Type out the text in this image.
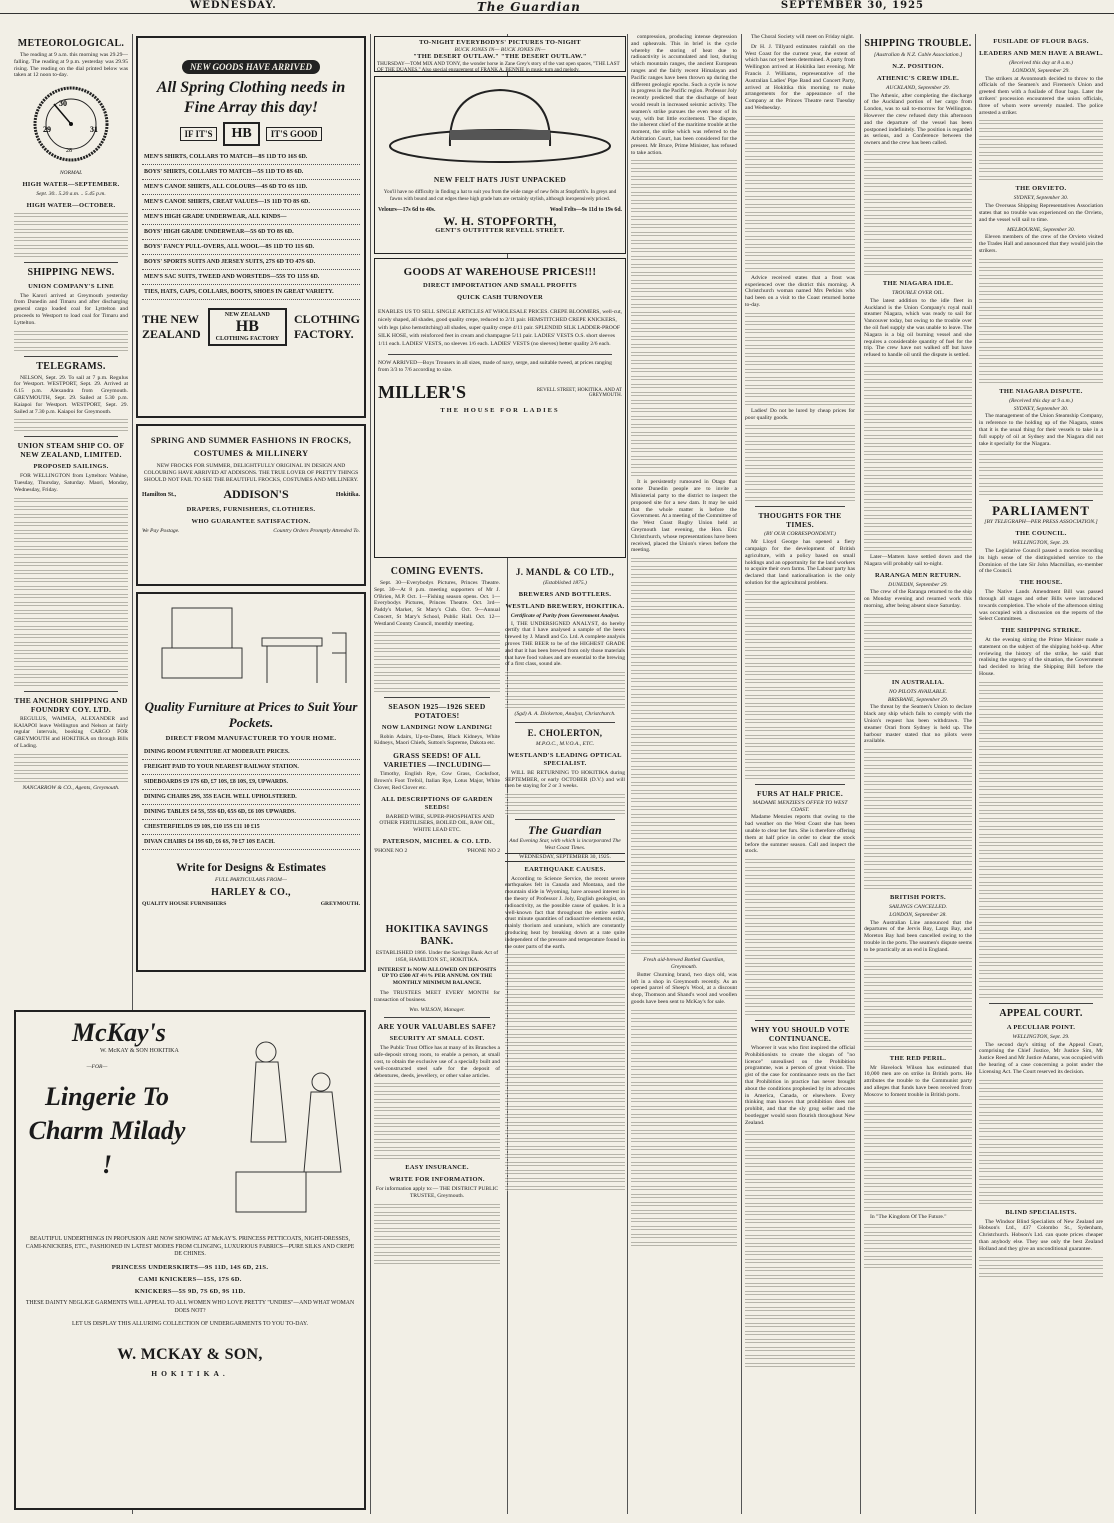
WEDNESDAY.	The Guardian	SEPTEMBER 30, 1925
METEOROLOGICAL.

The reading at 9 a.m. this morning was 29.29—falling. The reading at 9 p.m. yesterday was 29.95 rising. The reading on the dial printed below was taken at 12 noon to-day.

30
29	31
28
NORMAL
HIGH WATER—SEPTEMBER.
Sept. 30.. 5.20 a.m. .. 5.45 p.m.
HIGH WATER—OCTOBER.
SHIPPING NEWS.
UNION COMPANY'S LINE

The Karori arrived at Greymouth yesterday from Dunedin and Timaru and after discharging general cargo loaded coal for Lyttelton and proceeds to Westport to load coal for Timaru and Lyttelton.

TELEGRAMS.

NELSON, Sept. 29. To sail at 7 p.m. Regulus for Westport. WESTPORT, Sept. 29. Arrived at 6.15 p.m. Alexandra from Greymouth. GREYMOUTH, Sept. 29. Sailed at 5.30 p.m. Kaiapoi for Westport. WESTPORT, Sept. 29. Sailed at 7.30 p.m. Kaiapoi for Greymouth.

UNION STEAM SHIP CO. OF NEW ZEALAND, LIMITED.
PROPOSED SAILINGS.

FOR WELLINGTON from Lyttelton: Wahine, Tuesday, Thursday, Saturday. Maori, Monday, Wednesday, Friday.

THE ANCHOR SHIPPING AND FOUNDRY COY. LTD.

REGULUS, WAIMEA, ALEXANDER and KAIAPOI leave Wellington and Nelson at fairly regular intervals, booking CARGO FOR GREYMOUTH and HOKITIKA on through Bills of Lading.

NANCARROW & CO., Agents, Greymouth.
NEW GOODS HAVE ARRIVED
All Spring Clothing needs in Fine Array this day!
IF IT'S	HB	IT'S GOOD
MEN'S SHIRTS, COLLARS TO MATCH—8S 11D TO 16S 6D.
BOYS' SHIRTS, COLLARS TO MATCH—5S 11D TO 8S 6D.
MEN'S CANOE SHIRTS, ALL COLOURS—4S 6D TO 6S 11D.
MEN'S CANOE SHIRTS, CREAT VALUES—1S 11D TO 8S 6D.
MEN'S HIGH GRADE UNDERWEAR, ALL KINDS—
BOYS' HIGH GRADE UNDERWEAR—5S 6D TO 8S 6D.
BOYS' FANCY PULL-OVERS, ALL WOOL—8S 11D TO 11S 6D.
BOYS' SPORTS SUITS AND JERSEY SUITS, 27S 6D TO 47S 6D.
MEN'S SAC SUITS, TWEED AND WORSTEDS—55S TO 115S 6D.
TIES, HATS, CAPS, COLLARS, BOOTS, SHOES IN GREAT VARIETY.
THE NEW
ZEALAND
NEW ZEALAND
HB
CLOTHING FACTORY
CLOTHING
FACTORY.
SPRING AND SUMMER FASHIONS IN FROCKS, COSTUMES & MILLINERY

NEW FROCKS FOR SUMMER, DELIGHTFULLY ORIGINAL IN DESIGN AND COLOURING HAVE ARRIVED AT ADDISONS. THE TRUE LOVER OF PRETTY THINGS SHOULD NOT FAIL TO SEE THE BEAUTIFUL FROCKS, COSTUMES AND MILLINERY.

Hamilton St.,	ADDISON'S	Hokitika.
DRAPERS, FURNISHERS, CLOTHIERS.
WHO GUARANTEE SATISFACTION.
We Pay Postage.	Country Orders Promptly Attended To.
Quality Furniture at Prices to Suit Your Pockets.
DIRECT FROM MANUFACTURER TO YOUR HOME.
DINING ROOM FURNITURE AT MODERATE PRICES.
FREIGHT PAID TO YOUR NEAREST RAILWAY STATION.
SIDEBOARDS £9 17S 6D, £7 10S, £8 10S, £9, UPWARDS.
DINING CHAIRS 29S, 35S EACH. WELL UPHOLSTERED.
DINING TABLES £4 5S, 55S 6D, 65S 6D, £6 10S UPWARDS.
CHESTERFIELDS £9 10S, £10 15S £11 10 £15
DIVAN CHAIRS £4 19S 6D, £6 6S, 70 £7 10S EACH.
Write for Designs & Estimates
FULL PARTICULARS FROM—
HARLEY & CO.,
QUALITY HOUSE FURNISHERS	GREYMOUTH.
McKay's
W. McKAY & SON HOKITIKA
—FOR—
Lingerie To Charm Milady !

BEAUTIFUL UNDERTHINGS IN PROFUSION ARE NOW SHOWING AT McKAY'S. PRINCESS PETTICOATS, NIGHT-DRESSES, CAMI-KNICKERS, ETC., FASHIONED IN LATEST MODES FROM CLINGING, LUXURIOUS FABRICS—PURE SILKS AND CREPE DE CHINES.

PRINCESS UNDERSKIRTS—9S 11D, 14S 6D, 21S.
CAMI KNICKERS—15S, 17S 6D.
KNICKERS—5S 9D, 7S 6D, 9S 11D.

THESE DAINTY NEGLIGE GARMENTS WILL APPEAL TO ALL WOMEN WHO LOVE PRETTY "UNDIES"—AND WHAT WOMAN DOES NOT?

LET US DISPLAY THIS ALLURING COLLECTION OF UNDERGARMENTS TO YOU TO-DAY.

W. MCKAY & SON,
HOKITIKA.
TO-NIGHT EVERYBODYS' PICTURES TO-NIGHT
BUCK JONES IN— BUCK JONES IN—
"THE DESERT OUTLAW." "THE DESERT OUTLAW."
THURSDAY—TOM MIX AND TONY, the wonder horse in Zane Grey's story of the vast open spaces, "THE LAST OF THE DUANES." Also special engagement of FRANK A. BENNIE in music turn and melody.
NEW FELT HATS JUST UNPACKED

You'll have no difficulty in finding a hat to suit you from the wide range of new felts at Stopforth's. In greys and fawns with bound and cut edges these high grade hats are certainly stylish, although inexpensively priced.

Velours—17s 6d to 40s.	Wool Felts—9s 11d to 19s 6d.
W. H. STOPFORTH,
GENT'S OUTFITTER REVELL STREET.
GOODS AT WAREHOUSE PRICES!!!
DIRECT IMPORTATION AND SMALL PROFITS
QUICK CASH TURNOVER

ENABLES US TO SELL SINGLE ARTICLES AT WHOLESALE PRICES. CREPE BLOOMERS, well-cut, nicely shaped, all shades, good quality crepe, reduced to 2/11 pair. HEMSTITCHED CREPE KNICKERS, with legs (also hemstitching) all shades, super quality crepe 4/11 pair. SPLENDID SILK LADDER-PROOF SILK HOSE, with reinforced feet in cream and champagne 5/11 pair. LADIES' VESTS O.S. short sleeves 1/11 each. LADIES' VESTS, no sleeves 1/6 each. LADIES' VESTS (no sleeves) better quality 2/6 each.

NOW ARRIVED—Boys Trousers in all sizes, made of navy, serge, and suitable tweed, at prices ranging from 3/3 to 7/6 according to size.

MILLER'S	REVELL STREET, HOKITIKA. AND AT GREYMOUTH.
THE HOUSE FOR LADIES
COMING EVENTS.

Sept. 30—Everybodys Pictures, Princes Theatre. Sept. 30—At 8 p.m. meeting supporters of Mr J. O'Brien, M.P. Oct. 1—Fishing season opens. Oct. 1—Everybodys Pictures, Princes Theatre. Oct. 3rd—Paddy's Market, St Mary's Club. Oct. 9—Annual Concert, St Mary's School, Public Hall. Oct. 12—Westland County Council, monthly meeting.

SEASON 1925—1926 SEED POTATOES!
NOW LANDING! NOW LANDING!

Robin Adairs, Up-to-Dates, Black Kidneys, White Kidneys, Maori Chiefs, Sutton's Supreme, Dakota etc.

GRASS SEEDS! OF ALL VARIETIES —INCLUDING—

Timothy, English Rye, Cow Grass, Cocksfoot, Brown's Foot Trefoil, Italian Rye, Lotus Major, White Clover, Red Clover etc.

ALL DESCRIPTIONS OF GARDEN SEEDS!

BARBED WIRE, SUPER-PHOSPHATES AND OTHER FERTILISERS, BOILED OIL, RAW OIL, WHITE LEAD ETC.

PATERSON, MICHEL & CO. LTD.
'PHONE NO 2	'PHONE NO 2
HOKITIKA SAVINGS BANK.

ESTABLISHED 1866. Under the Savings Bank Act of 1858, HAMILTON ST., HOKITIKA.

INTEREST Is NOW ALLOWED ON DEPOSITS UP TO £500 AT 4½% PER ANNUM. ON THE MONTHLY MINIMUM BALANCE.

The TRUSTEES MEET EVERY MONTH for transaction of business.

Wm. WILSON, Manager.
ARE YOUR VALUABLES SAFE?
SECURITY AT SMALL COST.

The Public Trust Office has at many of its Branches a safe-deposit strong room, to enable a person, at small cost, to obtain the exclusive use of a specially built and well-constructed steel safe for the deposit of debentures, deeds, jewellery, or other value articles.

EASY INSURANCE.
WRITE FOR INFORMATION.

For information apply to:— THE DISTRICT PUBLIC TRUSTEE, Greymouth.

J. MANDL & CO LTD.,
(Established 1875.)
BREWERS AND BOTTLERS.
WESTLAND BREWERY, HOKITIKA.
Certificate of Purity from Government Analyst.

I, THE UNDERSIGNED ANALYST, do hereby certify that I have analysed a sample of the beers brewed by J. Mandl and Co. Ltd. A complete analysis proves THE BEER to be of the HIGHEST GRADE and that it has been brewed from only those materials that have food values and are essential to the brewing of a first class, sound ale.

(Sgd) A. A. Dickerton, Analyst, Christchurch.
E. CHOLERTON,
M.P.O.C., M.V.O.A., ETC.
WESTLAND'S LEADING OPTICAL SPECIALIST.

WILL BE RETURNING TO HOKITIKA during SEPTEMBER, or early OCTOBER (D.V.) and will then be staying for 2 or 3 weeks.

The Guardian
And Evening Star, with which is incorporated The West Coast Times.
WEDNESDAY, SEPTEMBER 30, 1925.
EARTHQUAKE CAUSES.

According to Science Service, the recent severe earthquakes felt in Canada and Montana, and the mountain slide in Wyoming, have aroused interest in the theory of Professor J. Joly, English geologist, on radioactivity, as the possible cause of quakes. It is a well-known fact that throughout the entire earth's crust minute quantities of radioactive elements exist, mainly thorium and uranium, which are constantly producing heat by breaking down at a rate quite independent of the pressure and temperature found in the outer parts of the earth.

compression, producing intense depression and upheavals. This in brief is the cycle whereby the storing of heat due to radioactivity is accumulated and lost, during which mountain ranges, the ancient European ranges and the fairly recent Himalayan and Pacific ranges have been thrown up during the different geologic epochs. Such a cycle is now in progress in the Pacific region. Professor Joly recently predicted that the discharge of heat would result in increased seismic activity. The seamen's strike pursues the even tenor of its way, with but little excitement. The dispute, the inherent chief of the maritime trouble at the moment, the strike which was referred to the Arbitration Court, has been considered for the present. Mr Bruce, Prime Minister, has refused to take action.

It is persistently rumoured in Otago that some Dunedin people are to invite a Ministerial party to the district to inspect the proposed site for a new dam. It may be said that the whole matter is before the Government. At a meeting of the Committee of the West Coast Rugby Union held at Greymouth last evening, the Hon. Eric Christchurch, whose representations have been received, placed the Union's views before the meeting.

Fresh aid-brewed Bottled Guardian, Greymouth.

Butter Churning brand, two days old, was left in a shop in Greymouth recently. As an opened parcel of Sheep's Wool, at a discount shop, Thomson and Shand's wool and woollen goods have been sent to McKay's for sale.

The Choral Society will meet on Friday night.

Dr H. J. Tillyard estimates rainfall on the West Coast for the current year, the extent of which has not yet been determined. A party from Wellington arrived at Hokitika last evening. Mr Francis J. Williams, representative of the Australian Ladies' Pipe Band and Concert Party, arrived at Hokitika this morning to make arrangements for the appearance of the Company at the Princes Theatre next Tuesday and Wednesday.

Advice received states that a frost was experienced over the district this morning. A Christchurch woman named Mrs Perkins who had been on a visit to the Coast returned home to-day.

Ladies! Do not be lured by cheap prices for poor quality goods.

THOUGHTS FOR THE TIMES.
(BY OUR CORRESPONDENT.)

Mr Lloyd George has opened a fiery campaign for the development of British agriculture, with a policy based on small holdings and an opportunity for the land workers to acquire their own farms. The Labour party has declared that land nationalisation is the only solution for the agricultural problem.

FURS AT HALF PRICE.
MADAME MENZIES'S OFFER TO WEST COAST.

Madame Menzies reports that owing to the bad weather on the West Coast she has been unable to clear her furs. She is therefore offering them at half price in order to clear the stock before the summer season. Call and inspect the stock.

WHY YOU SHOULD VOTE CONTINUANCE.

Whoever it was who first inspired the official Prohibitionists to create the slogan of "no licence" unrealised on the Prohibition programme, was a person of great vision. The gist of the case for continuance rests on the fact that Prohibition in practice has never brought about the conditions prophesied by its advocates in America, Canada, or elsewhere. Every thinking man knows that prohibition does not prohibit, and that the sly grog seller and the bootlegger would soon flourish throughout New Zealand.

SHIPPING TROUBLE.
[Australian & N.Z. Cable Association.]
N.Z. POSITION.
ATHENIC'S CREW IDLE.
AUCKLAND, September 29.

The Athenic, after completing the discharge of the Auckland portion of her cargo from London, was to sail to-morrow for Wellington. However the crew refused duty this afternoon and the departure of the vessel has been postponed indefinitely. The position is regarded as serious, and a Conference between the owners and the crew has been called.

THE NIAGARA IDLE.
TROUBLE OVER OIL.

The latest addition to the idle fleet in Auckland is the Union Company's royal mail steamer Niagara, which was ready to sail for Vancouver today, but owing to the trouble over the oil fuel supply she was unable to leave. The Niagara is a big oil burning vessel and she requires a considerable quantity of fuel for the trip. The crew have not walked off but have refused to handle oil until the dispute is settled.

Later—Matters have settled down and the Niagara will probably sail to-night.

RARANGA MEN RETURN.
DUNEDIN, September 29.

The crew of the Raranga returned to the ship on Monday evening and resumed work this morning, after being absent since Saturday.

IN AUSTRALIA.
NO PILOTS AVAILABLE.
BRISBANE, September 29.

The threat by the Seamen's Union to declare black any ship which fails to comply with the Union's request has been withdrawn. The steamer Orari from Sydney is held up. The harbour master stated that no pilots were available.

BRITISH PORTS.
SAILINGS CANCELLED.
LONDON, September 28.

The Australian Line announced that the departures of the Jervis Bay, Largs Bay, and Moreton Bay had been cancelled owing to the trouble in the ports. The seamen's dispute seems to be practically at an end in England.

THE RED PERIL.

Mr Havelock Wilson has estimated that 10,000 men are on strike in British ports. He attributes the trouble to the Communist party and alleges that funds have been received from Moscow to foment trouble in British ports.

In "The Kingdom Of The Future."

FUSILADE OF FLOUR BAGS.
LEADERS AND MEN HAVE A BRAWL.
(Received this day at 8 a.m.)
LONDON, September 29.

The strikers at Avonmouth decided to throw to the officials of the Seamen's and Firemen's Union and greeted them with a fusilade of flour bags. Later the strikers' procession encountered the union officials, three of whom were severely mauled. The police arrested a striker.

THE ORVIETO.
SYDNEY, September 30.

The Overseas Shipping Representatives Association states that no trouble was experienced on the Orvieto, and the vessel will sail to time.

MELBOURNE, September 30.

Eleven members of the crew of the Orvieto visited the Trades Hall and announced that they would join the strikers.

THE NIAGARA DISPUTE.
(Received this day at 9 a.m.)
SYDNEY, September 30.

The management of the Union Steamship Company, in reference to the holding up of the Niagara, states that it is the usual thing for their vessels to take in a full supply of oil at Sydney and the Niagara did not take it specially for the Niagara.

PARLIAMENT
[BY TELEGRAPH—PER PRESS ASSOCIATION.]
THE COUNCIL.
WELLINGTON, Sept. 29.

The Legislative Council passed a motion recording its high sense of the distinguished service to the Dominion of the late Sir John Macmillan, ex-member of the Council.

THE HOUSE.

The Native Lands Amendment Bill was passed through all stages and other Bills were introduced towards completion. The whole of the afternoon sitting was occupied with a discussion on the reports of the Select Committees.

THE SHIPPING STRIKE.

At the evening sitting the Prime Minister made a statement on the subject of the shipping hold-up. After reviewing the history of the strike, he said that realising the urgency of the situation, the Government had decided to bring the Shipping Bill before the House.

APPEAL COURT.
A PECULIAR POINT.
WELLINGTON, Sept. 29.

The second day's sitting of the Appeal Court, comprising the Chief Justice, Mr Justice Sim, Mr Justice Reed and Mr Justice Adams, was occupied with the hearing of a case concerning a point under the Licensing Act. The Court reserved its decision.

BLIND SPECIALISTS.

The Windsor Blind Specialists of New Zealand are Hobson's Ltd., 437 Colombo St., Sydenham, Christchurch. Hobson's Ltd. can quote prices cheaper than anybody else. They use only the best Zealand Holland and they give an unconditional guarantee.
